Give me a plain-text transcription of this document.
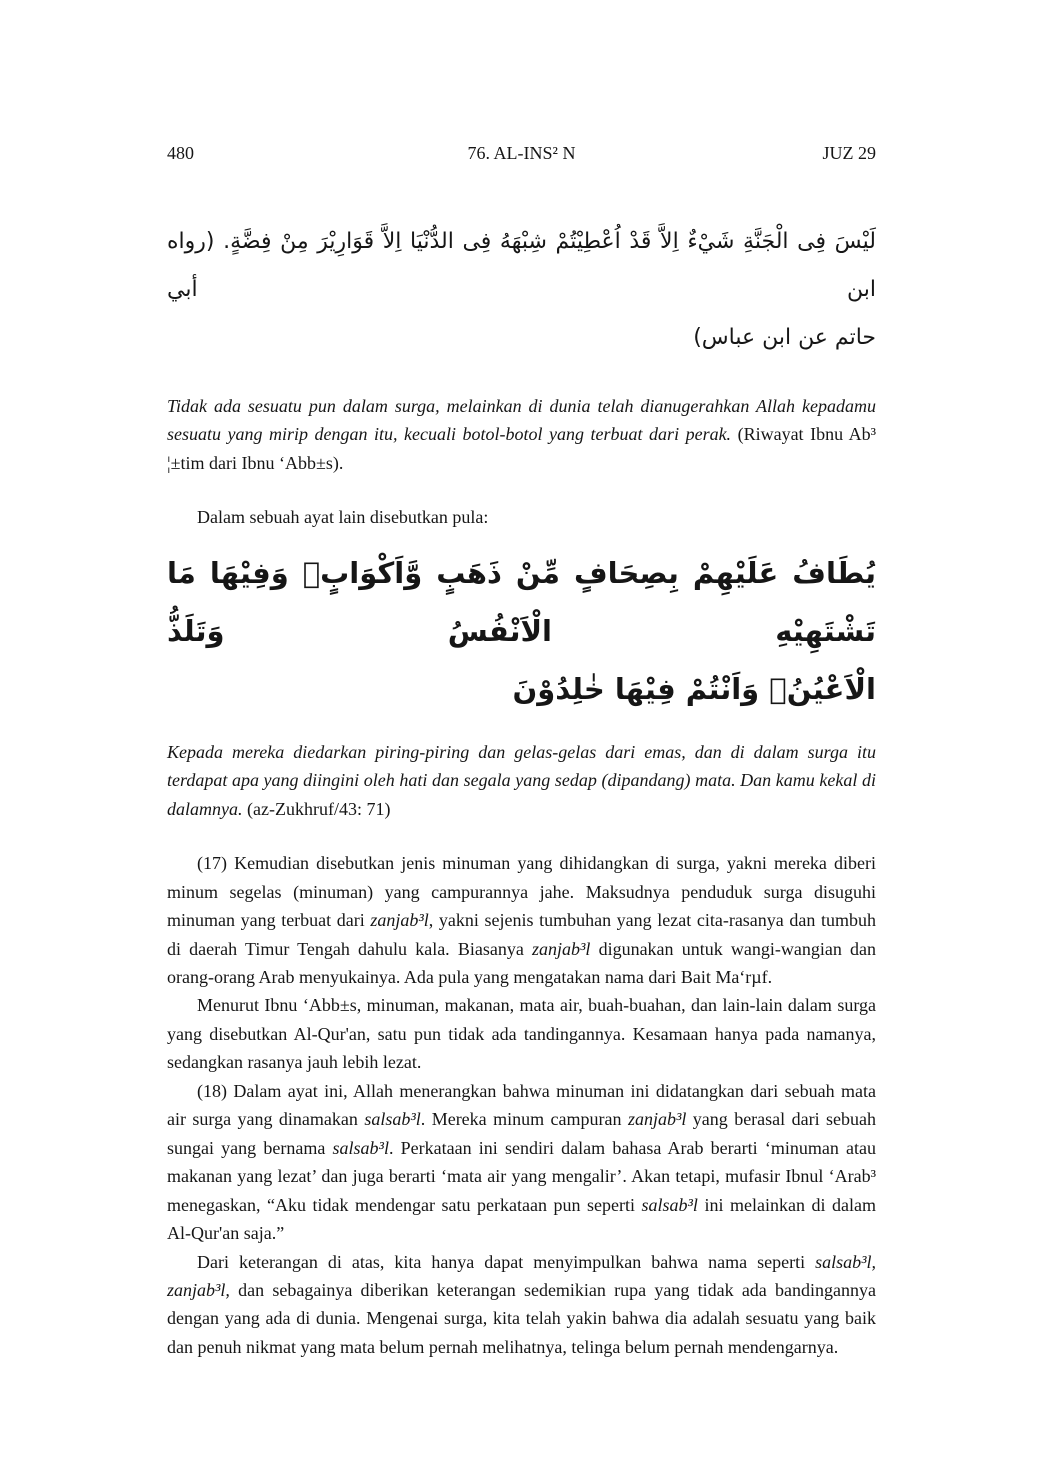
480	76. AL-INS² N	JUZ 29
لَيْسَ فِى الْجَنَّةِ شَيْءٌ اِلاَّ قَدْ اُعْطِيْتُمْ شِبْهَهُ فِى الدُّنْيَا اِلاَّ قَوَارِيْرَ مِنْ فِضَّةٍ. (رواه ابن أبي
حاتم عن ابن عباس)

Tidak ada sesuatu pun dalam surga, melainkan di dunia telah dianugerahkan Allah kepadamu sesuatu yang mirip dengan itu, kecuali botol-botol yang terbuat dari perak. (Riwayat Ibnu Ab³ ¦±tim dari Ibnu ‘Abb±s).

Dalam sebuah ayat lain disebutkan pula:

يُطَافُ عَلَيْهِمْ بِصِحَافٍ مِّنْ ذَهَبٍ وَّاَكْوَابٍۚ وَفِيْهَا مَا تَشْتَهِيْهِ الْاَنْفُسُ وَتَلَذُّ
الْاَعْيُنُۚ وَاَنْتُمْ فِيْهَا خٰلِدُوْنَ

Kepada mereka diedarkan piring-piring dan gelas-gelas dari emas, dan di dalam surga itu terdapat apa yang diingini oleh hati dan segala yang sedap (dipandang) mata. Dan kamu kekal di dalamnya. (az-Zukhruf/43: 71)

(17) Kemudian disebutkan jenis minuman yang dihidangkan di surga, yakni mereka diberi minum segelas (minuman) yang campurannya jahe. Maksudnya penduduk surga disuguhi minuman yang terbuat dari zanjab³l, yakni sejenis tumbuhan yang lezat cita-rasanya dan tumbuh di daerah Timur Tengah dahulu kala. Biasanya zanjab³l digunakan untuk wangi-wangian dan orang-orang Arab menyukainya. Ada pula yang mengatakan nama dari Bait Ma‘rµf.

Menurut Ibnu ‘Abb±s, minuman, makanan, mata air, buah-buahan, dan lain-lain dalam surga yang disebutkan Al-Qur'an, satu pun tidak ada tandingannya. Kesamaan hanya pada namanya, sedangkan rasanya jauh lebih lezat.

(18) Dalam ayat ini, Allah menerangkan bahwa minuman ini didatangkan dari sebuah mata air surga yang dinamakan salsab³l. Mereka minum campuran zanjab³l yang berasal dari sebuah sungai yang bernama salsab³l. Perkataan ini sendiri dalam bahasa Arab berarti ‘minuman atau makanan yang lezat’ dan juga berarti ‘mata air yang mengalir’. Akan tetapi, mufasir Ibnul ‘Arab³ menegaskan, “Aku tidak mendengar satu perkataan pun seperti salsab³l ini melainkan di dalam Al-Qur'an saja.”

Dari keterangan di atas, kita hanya dapat menyimpulkan bahwa nama seperti salsab³l, zanjab³l, dan sebagainya diberikan keterangan sedemikian rupa yang tidak ada bandingannya dengan yang ada di dunia. Mengenai surga, kita telah yakin bahwa dia adalah sesuatu yang baik dan penuh nikmat yang mata belum pernah melihatnya, telinga belum pernah mendengarnya.
